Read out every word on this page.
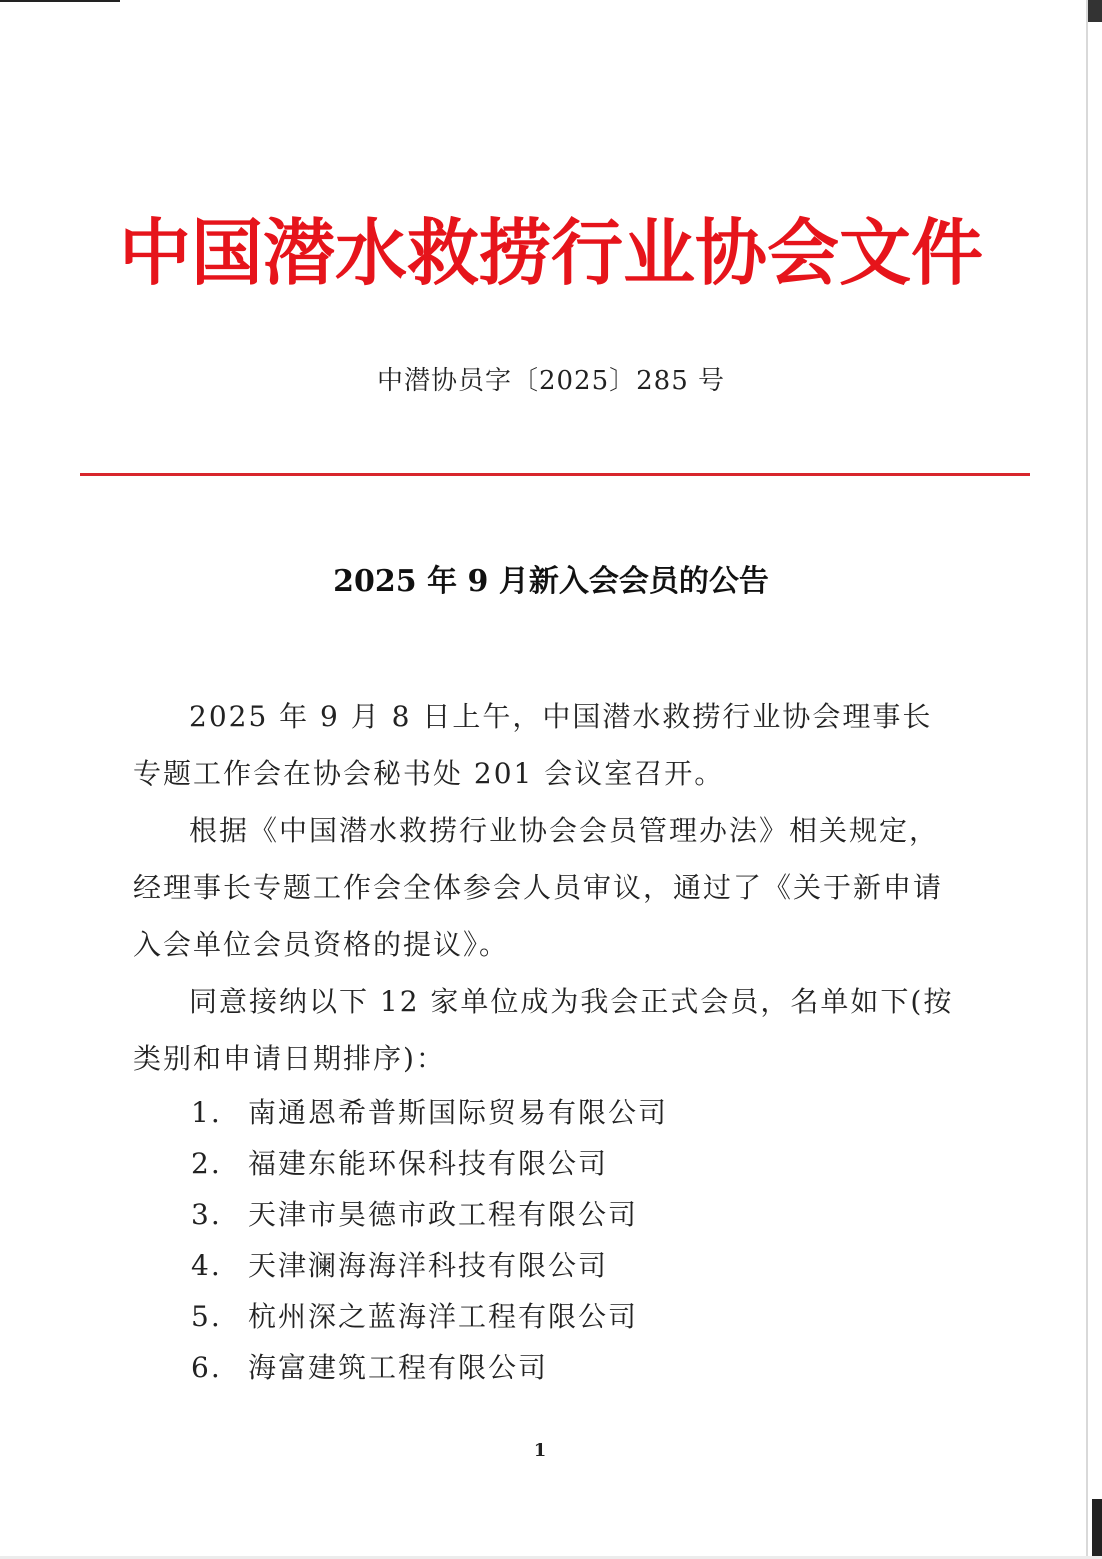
中国潜水救捞行业协会文件
中潜协员字〔2025〕285 号
2025 年 9 月新入会会员的公告

2025 年 9 月 8 日上午，中国潜水救捞行业协会理事长专题工作会在协会秘书处 201 会议室召开。

根据《中国潜水救捞行业协会会员管理办法》相关规定，经理事长专题工作会全体参会人员审议，通过了《关于新申请入会单位会员资格的提议》。

同意接纳以下 12 家单位成为我会正式会员，名单如下(按类别和申请日期排序)：

1. 南通恩希普斯国际贸易有限公司
2. 福建东能环保科技有限公司
3. 天津市昊德市政工程有限公司
4. 天津澜海海洋科技有限公司
5. 杭州深之蓝海洋工程有限公司
6. 海富建筑工程有限公司
1
